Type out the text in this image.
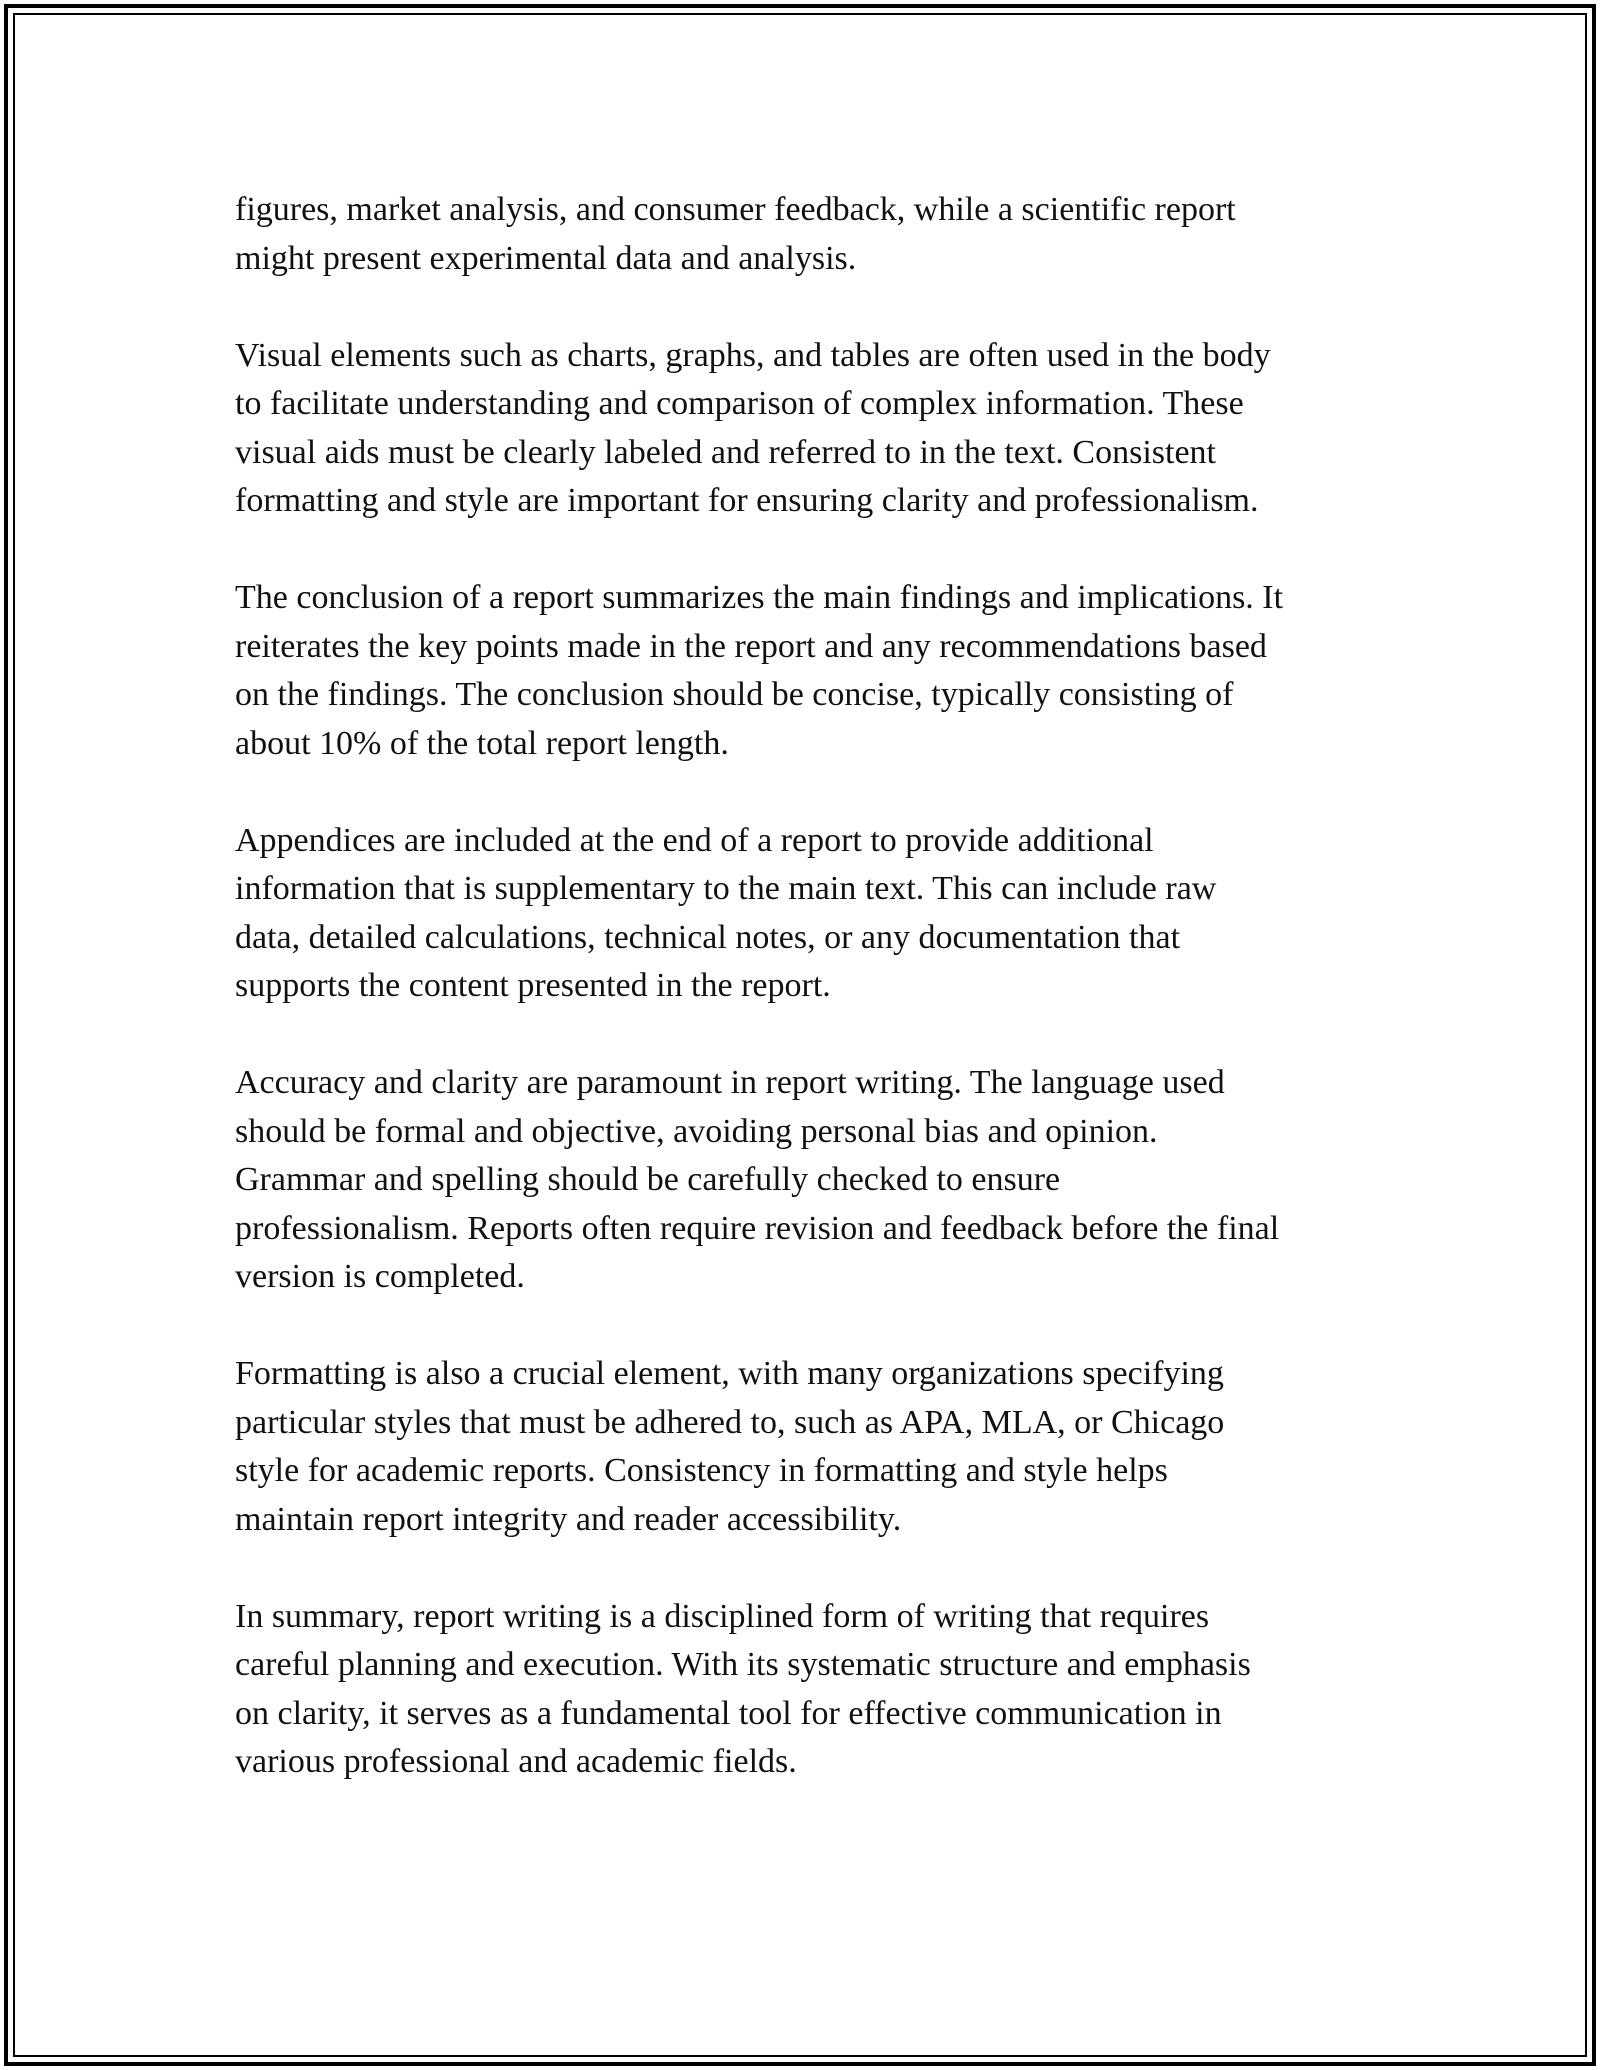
figures, market analysis, and consumer feedback, while a scientific report
might present experimental data and analysis.

Visual elements such as charts, graphs, and tables are often used in the body
to facilitate understanding and comparison of complex information. These
visual aids must be clearly labeled and referred to in the text. Consistent
formatting and style are important for ensuring clarity and professionalism.

The conclusion of a report summarizes the main findings and implications. It
reiterates the key points made in the report and any recommendations based
on the findings. The conclusion should be concise, typically consisting of
about 10% of the total report length.

Appendices are included at the end of a report to provide additional
information that is supplementary to the main text. This can include raw
data, detailed calculations, technical notes, or any documentation that
supports the content presented in the report.

Accuracy and clarity are paramount in report writing. The language used
should be formal and objective, avoiding personal bias and opinion.
Grammar and spelling should be carefully checked to ensure
professionalism. Reports often require revision and feedback before the final
version is completed.

Formatting is also a crucial element, with many organizations specifying
particular styles that must be adhered to, such as APA, MLA, or Chicago
style for academic reports. Consistency in formatting and style helps
maintain report integrity and reader accessibility.

In summary, report writing is a disciplined form of writing that requires
careful planning and execution. With its systematic structure and emphasis
on clarity, it serves as a fundamental tool for effective communication in
various professional and academic fields.
